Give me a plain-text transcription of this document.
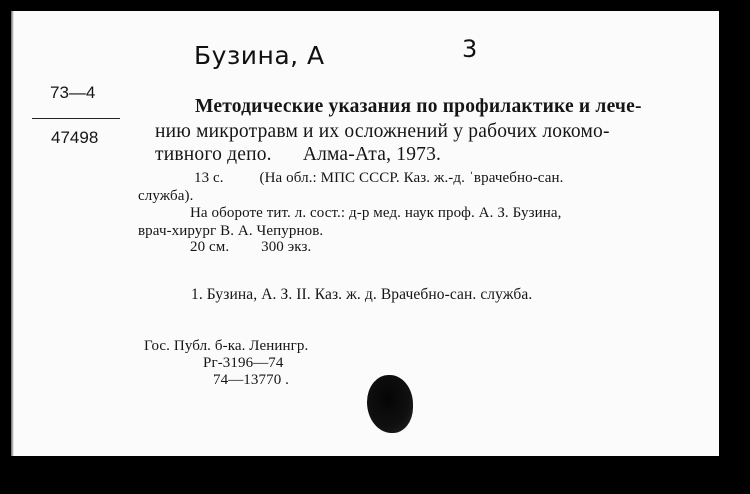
Бузина, А	3
73—4
47498
Методические указания по профилактике и лече-
нию микротравм и их осложнений у рабочих локомо-
тивного депо. Алма-Ата, 1973.
13 с. (На обл.: МПС СССР. Каз. ж.-д. ˈврачебно-сан.
служба).
На обороте тит. л. сост.: д-р мед. наук проф. А. З. Бузина,
врач-хирург В. А. Чепурнов.
20 см. 300 экз.
1. Бузина, А. З. II. Каз. ж. д. Врачебно-сан. служба.
Гос. Публ. б-ка. Ленингр.
Рг-3196—74
74—13770 .
